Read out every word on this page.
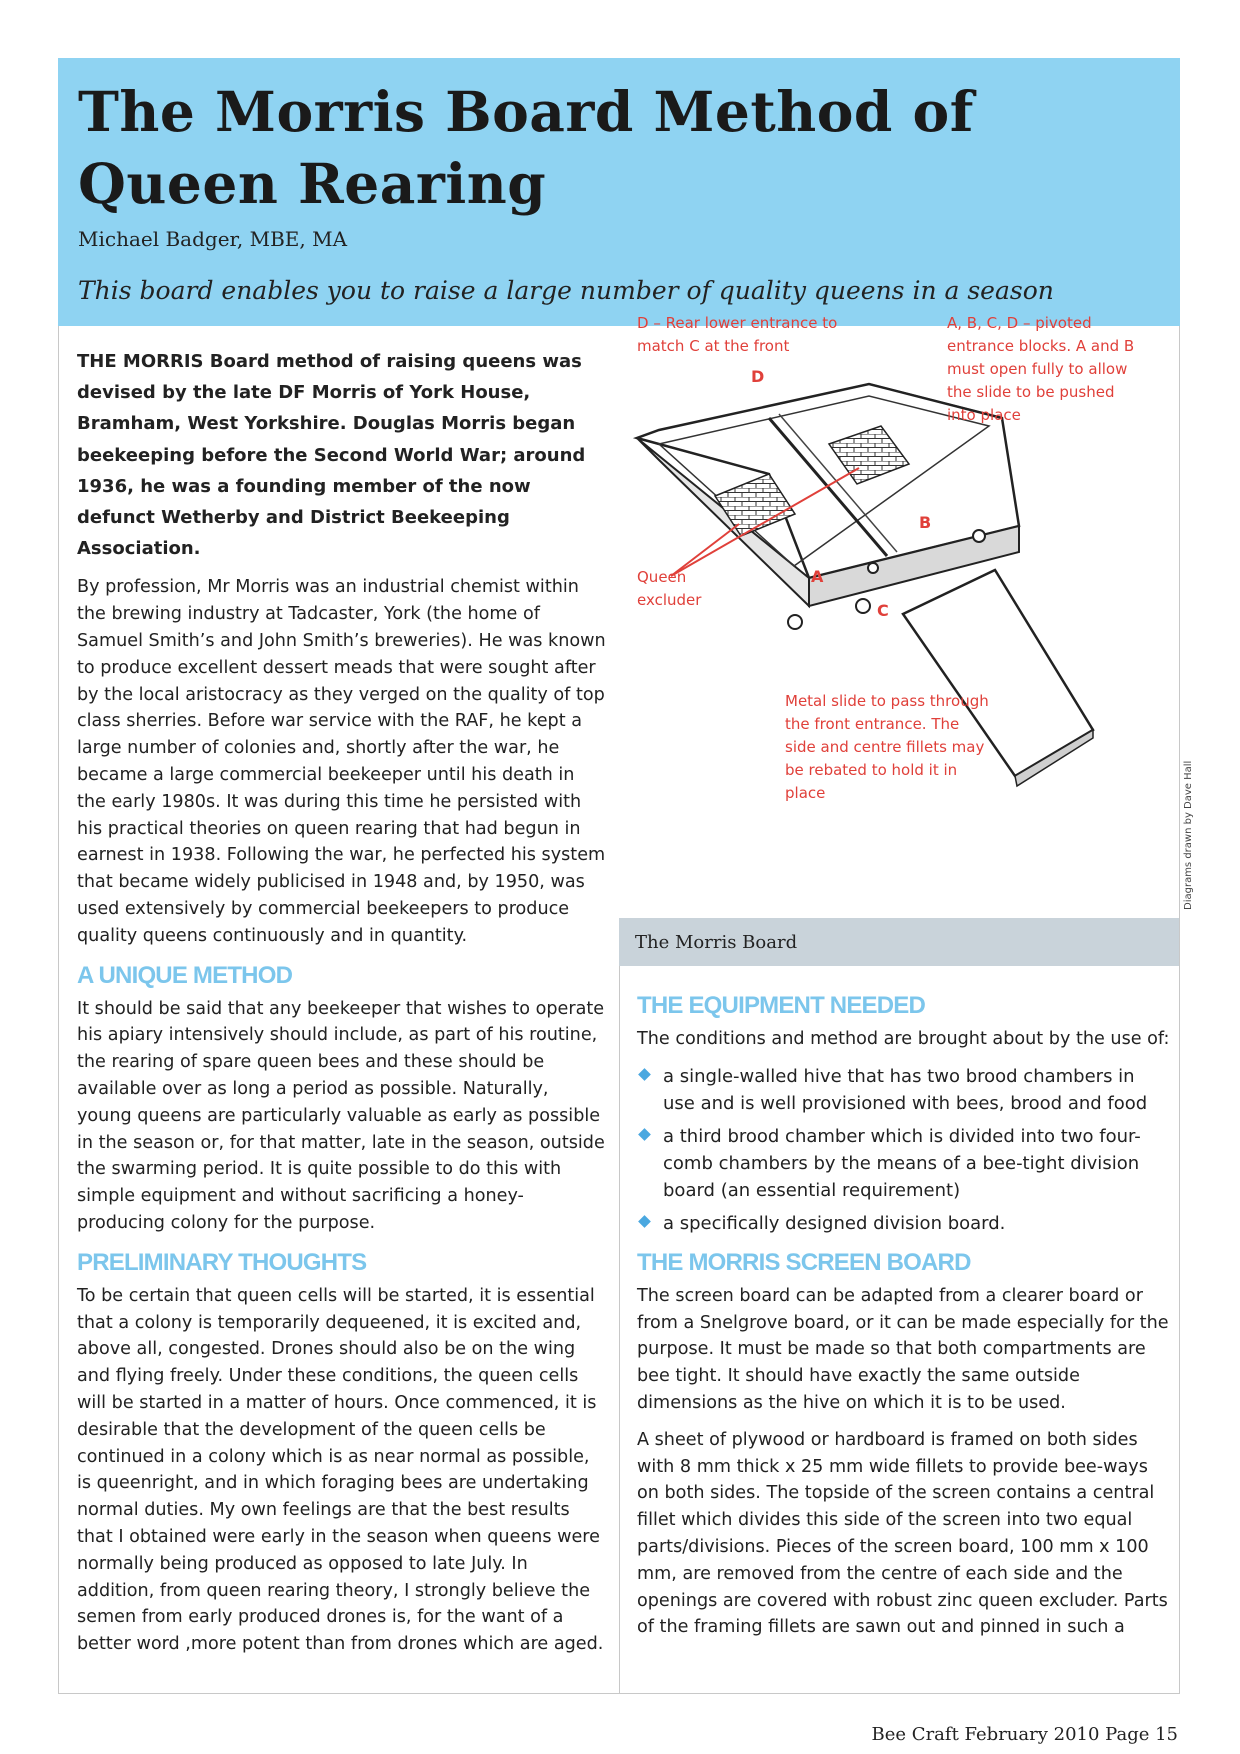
The Morris Board Method of Queen Rearing

Michael Badger, MBE, MA

This board enables you to raise a large number of quality queens in a season

THE MORRIS Board method of raising queens was devised by the late DF Morris of York House, Bramham, West Yorkshire. Douglas Morris began beekeeping before the Second World War; around 1936, he was a founding member of the now defunct Wetherby and District Beekeeping Association.

By profession, Mr Morris was an industrial chemist within the brewing industry at Tadcaster, York (the home of Samuel Smith’s and John Smith’s breweries). He was known to produce excellent dessert meads that were sought after by the local aristocracy as they verged on the quality of top class sherries. Before war service with the RAF, he kept a large number of colonies and, shortly after the war, he became a large commercial beekeeper until his death in the early 1980s. It was during this time he persisted with his practical theories on queen rearing that had begun in earnest in 1938. Following the war, he perfected his system that became widely publicised in 1948 and, by 1950, was used extensively by commercial beekeepers to produce quality queens continuously and in quantity.

A UNIQUE METHOD

It should be said that any beekeeper that wishes to operate his apiary intensively should include, as part of his routine, the rearing of spare queen bees and these should be available over as long a period as possible. Naturally, young queens are particularly valuable as early as possible in the season or, for that matter, late in the season, outside the swarming period. It is quite possible to do this with simple equipment and without sacrificing a honey-producing colony for the purpose.

PRELIMINARY THOUGHTS

To be certain that queen cells will be started, it is essential that a colony is temporarily dequeened, it is excited and, above all, congested. Drones should also be on the wing and flying freely. Under these conditions, the queen cells will be started in a matter of hours. Once commenced, it is desirable that the development of the queen cells be continued in a colony which is as near normal as possible, is queenright, and in which foraging bees are undertaking normal duties. My own feelings are that the best results that I obtained were early in the season when queens were normally being produced as opposed to late July. In addition, from queen rearing theory, I strongly believe the semen from early produced drones is, for the want of a better word ,more potent than from drones which are aged.

D
B
A
C
D – Rear lower entrance to match C at the front
A, B, C, D – pivoted entrance blocks. A and B must open fully to allow the slide to be pushed into place
Queen excluder
Metal slide to pass through the front entrance. The side and centre fillets may be rebated to hold it in place

The Morris Board

Diagrams drawn by Dave Hall
THE EQUIPMENT NEEDED

The conditions and method are brought about by the use of:

a single-walled hive that has two brood chambers in use and is well provisioned with bees, brood and food
a third brood chamber which is divided into two four-comb chambers by the means of a bee-tight division board (an essential requirement)
a specifically designed division board.
THE MORRIS SCREEN BOARD

The screen board can be adapted from a clearer board or from a Snelgrove board, or it can be made especially for the purpose. It must be made so that both compartments are bee tight. It should have exactly the same outside dimensions as the hive on which it is to be used.

A sheet of plywood or hardboard is framed on both sides with 8 mm thick x 25 mm wide fillets to provide bee-ways on both sides. The topside of the screen contains a central fillet which divides this side of the screen into two equal parts/divisions. Pieces of the screen board, 100 mm x 100 mm, are removed from the centre of each side and the openings are covered with robust zinc queen excluder. Parts of the framing fillets are sawn out and pinned in such a

Bee Craft February 2010 Page 15
